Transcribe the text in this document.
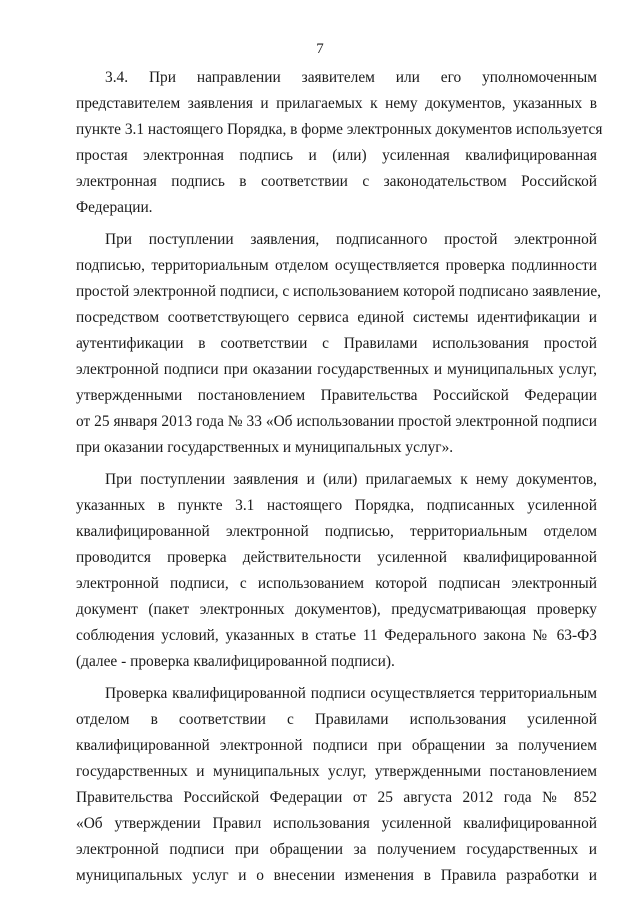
7
3.4. При направлении заявителем или его уполномоченным
представителем заявления и прилагаемых к нему документов, указанных в
пункте 3.1 настоящего Порядка, в форме электронных документов используется
простая электронная подпись и (или) усиленная квалифицированная
электронная подпись в соответствии с законодательством Российской
Федерации.
При поступлении заявления, подписанного простой электронной
подписью, территориальным отделом осуществляется проверка подлинности
простой электронной подписи, с использованием которой подписано заявление,
посредством соответствующего сервиса единой системы идентификации и
аутентификации в соответствии с Правилами использования простой
электронной подписи при оказании государственных и муниципальных услуг,
утвержденными постановлением Правительства Российской Федерации
от 25 января 2013 года № 33 «Об использовании простой электронной подписи
при оказании государственных и муниципальных услуг».
При поступлении заявления и (или) прилагаемых к нему документов,
указанных в пункте 3.1 настоящего Порядка, подписанных усиленной
квалифицированной электронной подписью, территориальным отделом
проводится проверка действительности усиленной квалифицированной
электронной подписи, с использованием которой подписан электронный
документ (пакет электронных документов), предусматривающая проверку
соблюдения условий, указанных в статье 11 Федерального закона № 63-ФЗ
(далее - проверка квалифицированной подписи).
Проверка квалифицированной подписи осуществляется территориальным
отделом в соответствии с Правилами использования усиленной
квалифицированной электронной подписи при обращении за получением
государственных и муниципальных услуг, утвержденными постановлением
Правительства Российской Федерации от 25 августа 2012 года № 852
«Об утверждении Правил использования усиленной квалифицированной
электронной подписи при обращении за получением государственных и
муниципальных услуг и о внесении изменения в Правила разработки и
